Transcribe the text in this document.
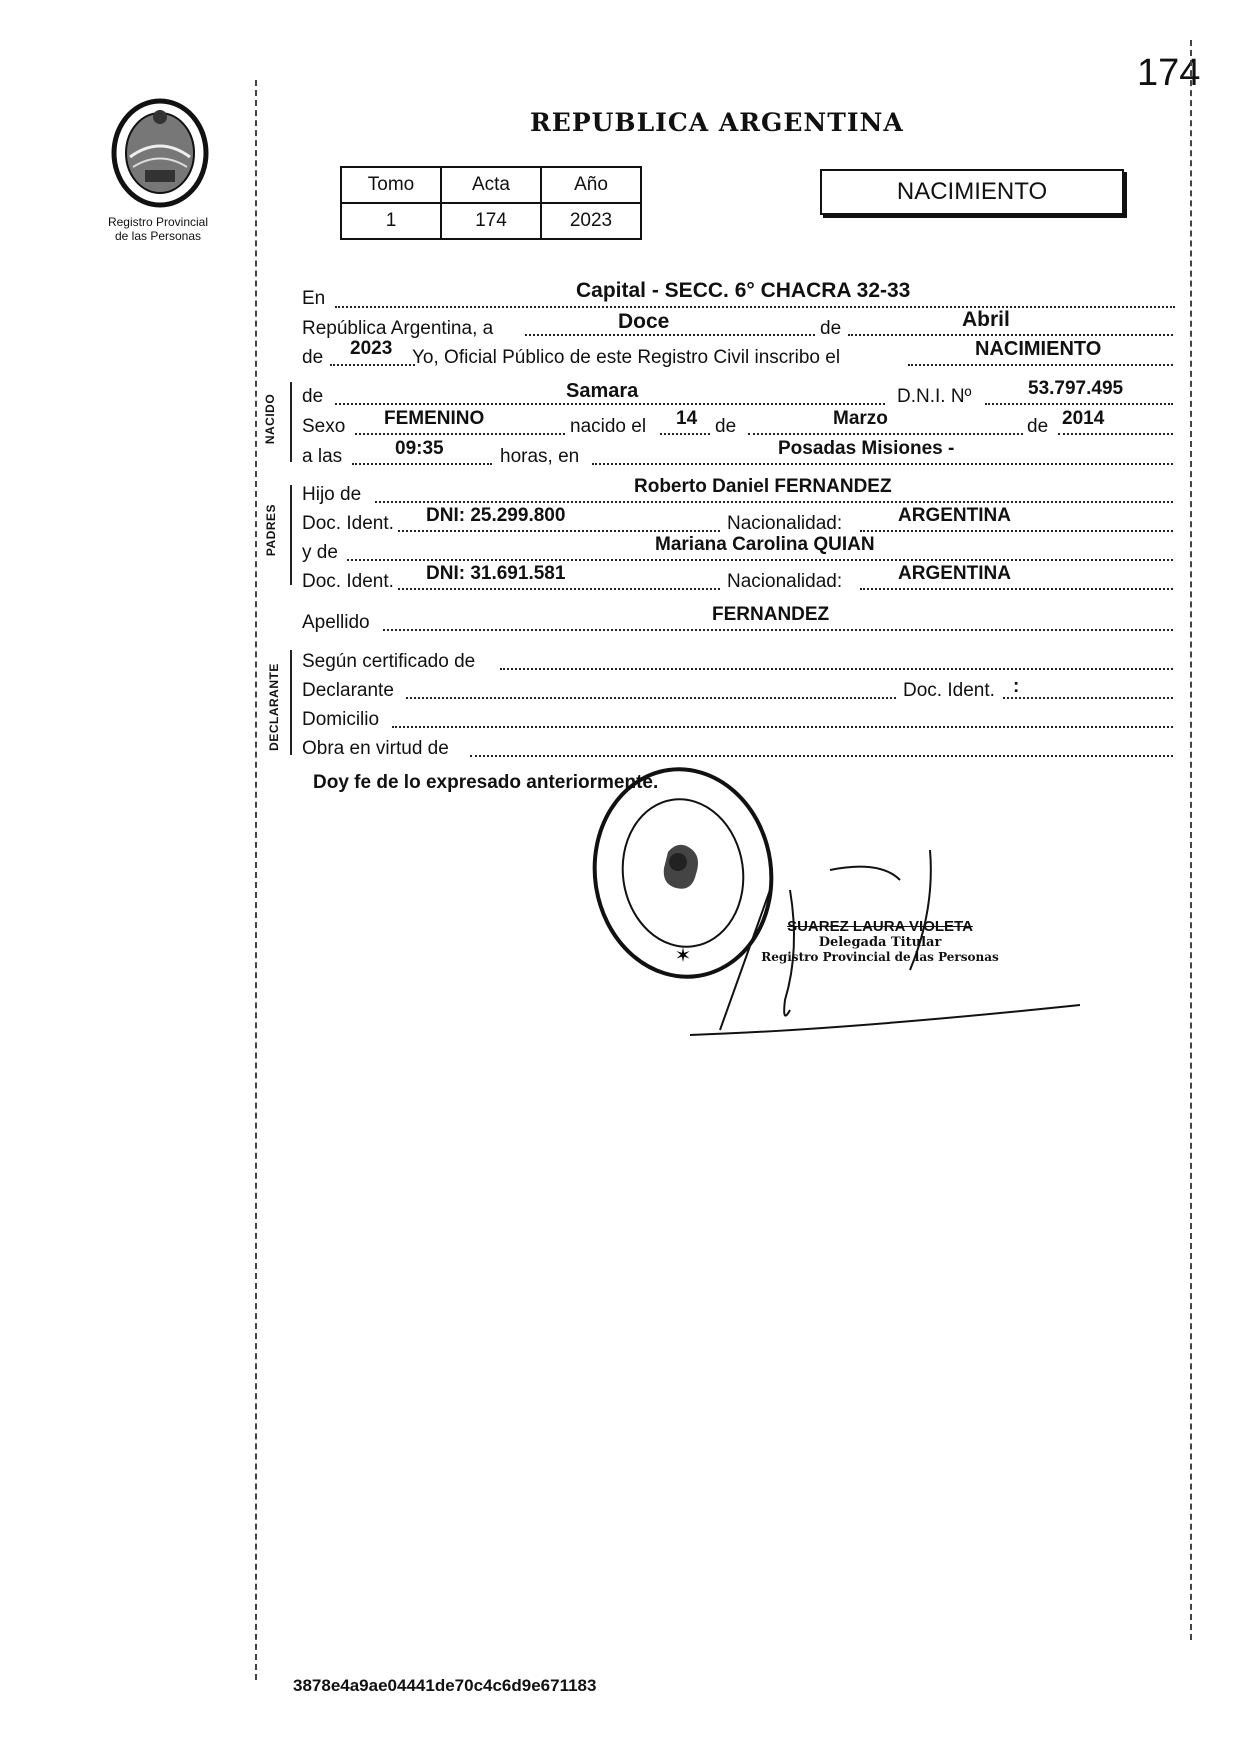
174
Registro Provincial
de las Personas
REPUBLICA ARGENTINA
Tomo	Acta	Año
1	174	2023
NACIMIENTO
En	Capital - SECC. 6° CHACRA 32-33
República Argentina, a	Doce	de	Abril
de 2023 Yo, Oficial Público de este Registro Civil inscribo el	NACIMIENTO
NACIDO de	Samara	D.N.I. Nº	53.797.495
Sexo FEMENINO	nacido el 14 de	Marzo	de 2014
a las	09:35	horas, en	Posadas Misiones -
PADRES
Hijo de	Roberto Daniel FERNANDEZ
Doc. Ident. DNI: 25.299.800	Nacionalidad:	ARGENTINA
y de	Mariana Carolina QUIAN
Doc. Ident. DNI: 31.691.581	Nacionalidad:	ARGENTINA
Apellido	FERNANDEZ
DECLARANTE
Según certificado de
Declarante	Doc. Ident. :
Domicilio
Obra en virtud de
Doy fe de lo expresado anteriormente.
✶
SUAREZ LAURA VIOLETA
Delegada Titular
Registro Provincial de las Personas
3878e4a9ae04441de70c4c6d9e671183
